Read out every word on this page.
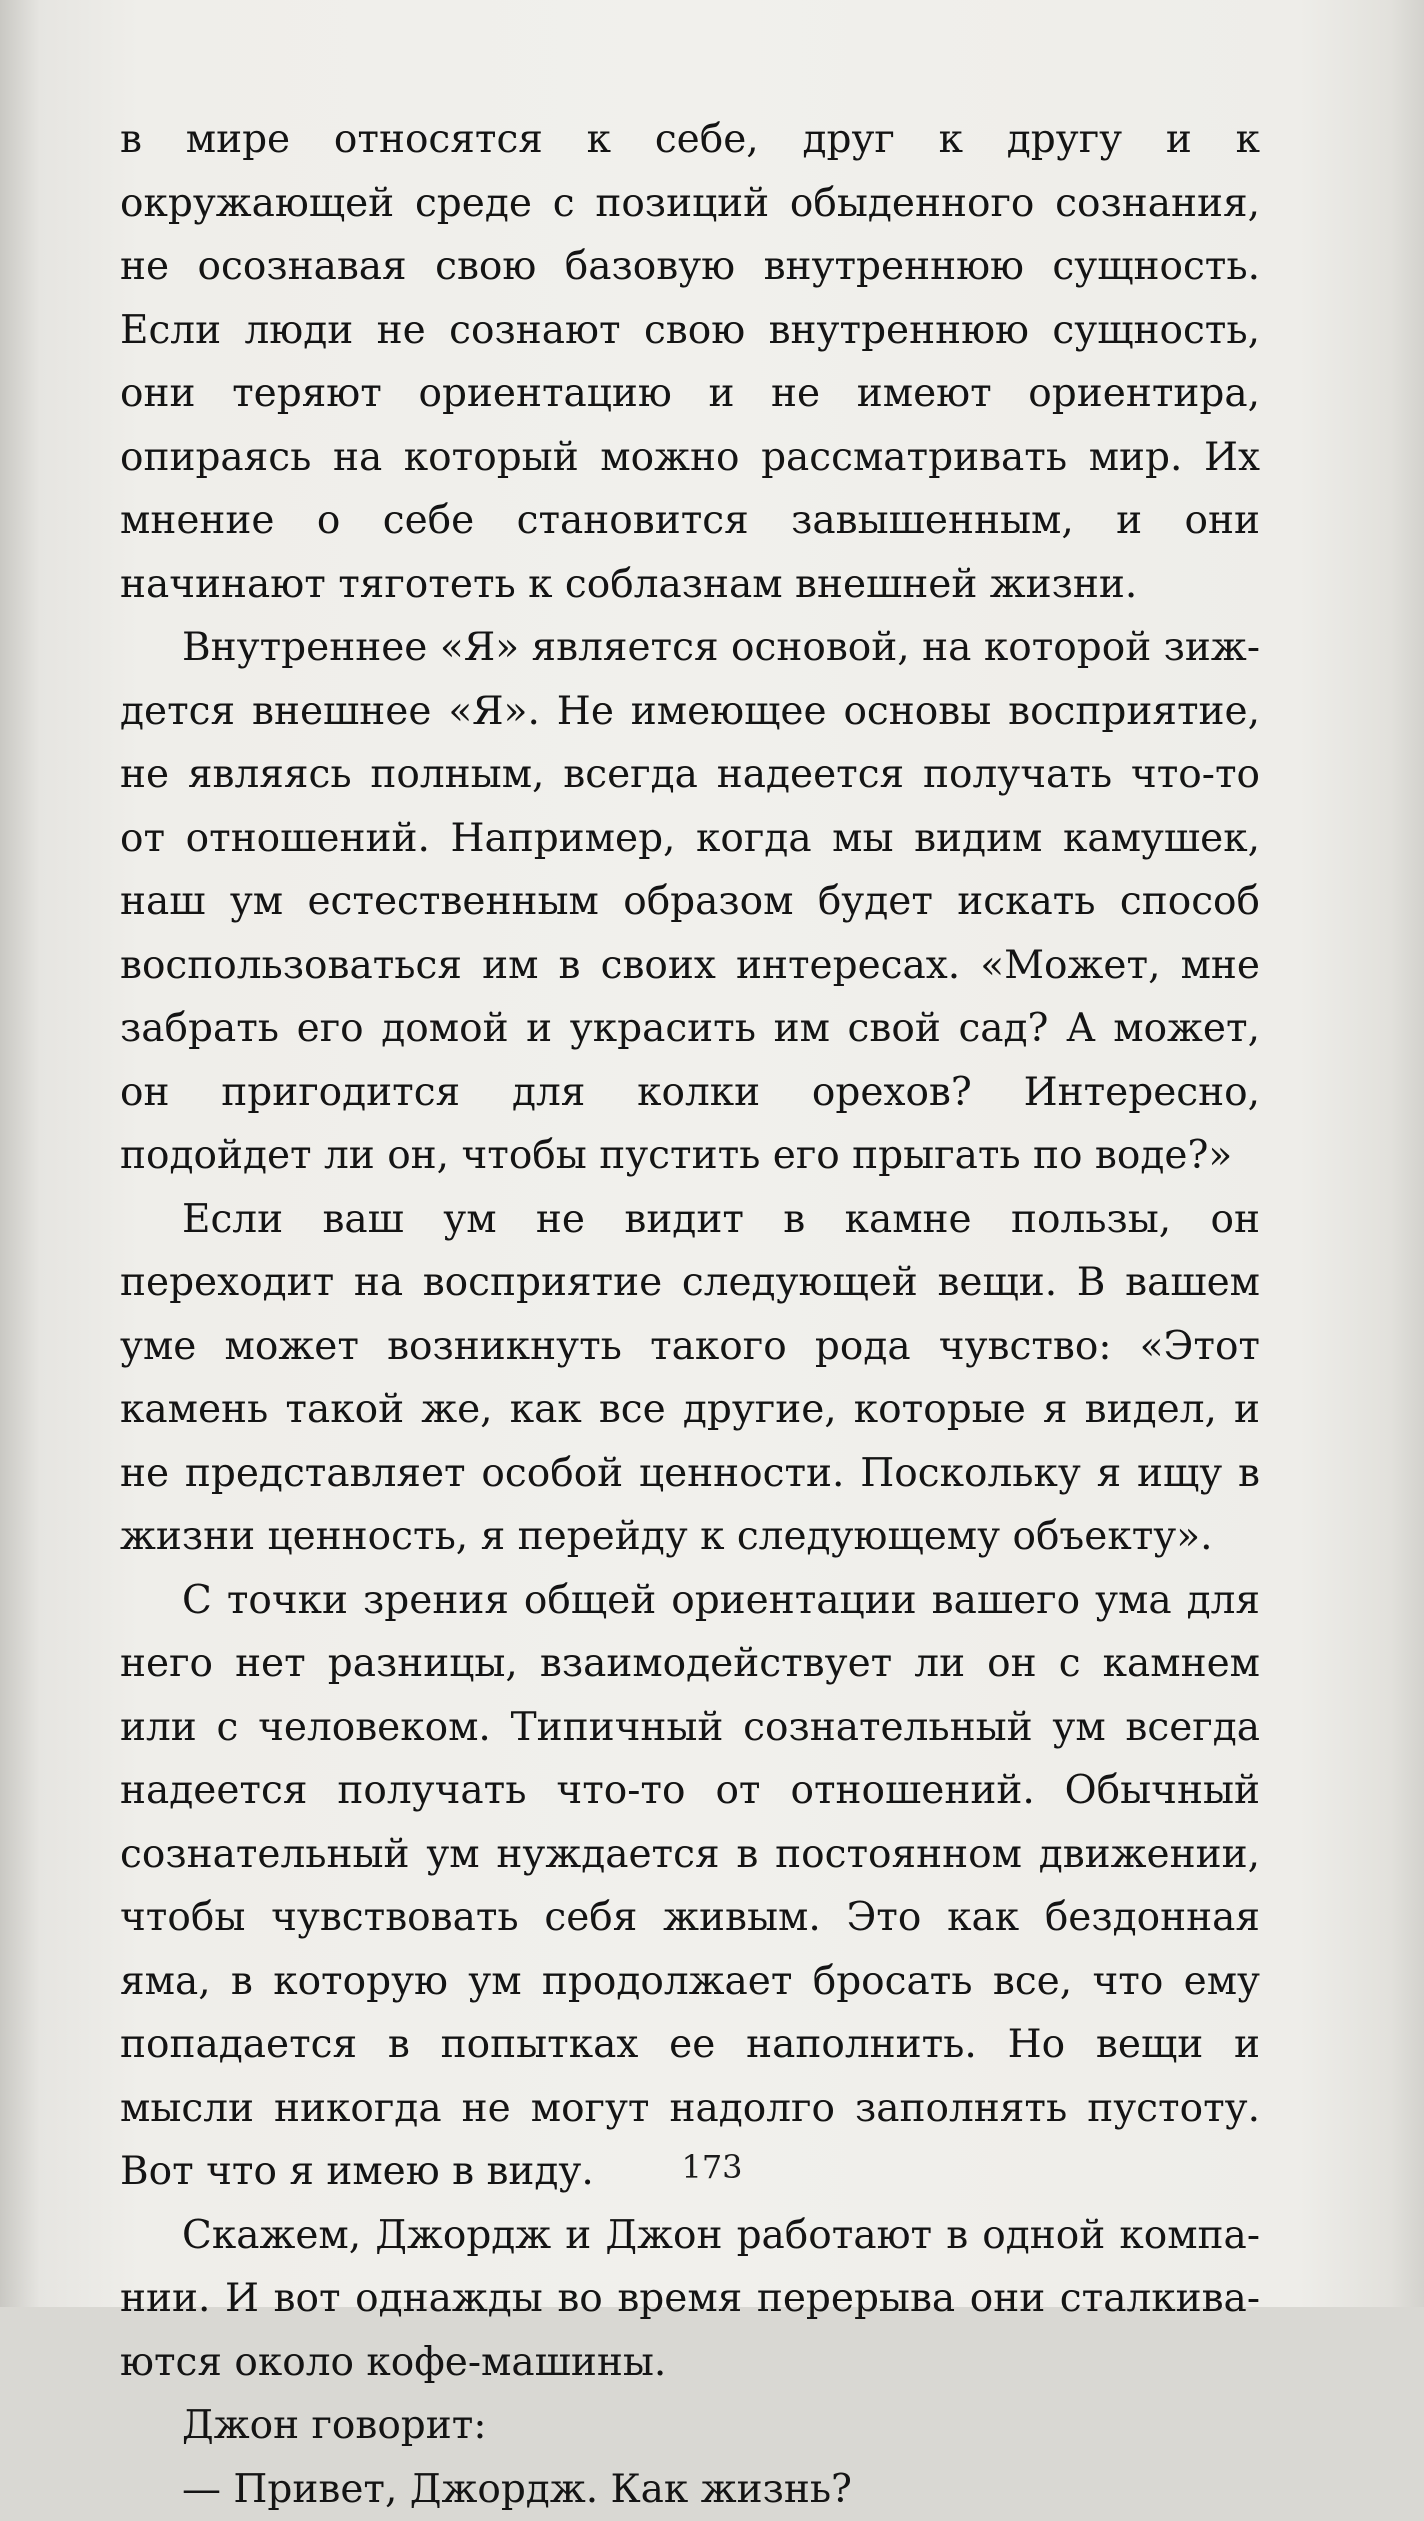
в мире относятся к себе, друг к другу и к окружающей среде с позиций обыденного сознания, не осознавая свою базовую внутреннюю сущность. Если люди не сознают свою внутреннюю сущность, они теряют ориентацию и не имеют ориентира, опираясь на который можно рассматривать мир. Их мнение о себе становится завышенным, и они начинают тяготеть к соблазнам внешней жизни.

Внутреннее «Я» является основой, на которой зиждется внешнее «Я». Не имеющее основы восприятие, не являясь полным, всегда надеется получать что-то от отношений. Например, когда мы видим камушек, наш ум естественным образом будет искать способ воспользоваться им в своих интересах. «Может, мне забрать его домой и украсить им свой сад? А может, он пригодится для колки орехов? Интересно, подойдет ли он, чтобы пустить его прыгать по воде?»

Если ваш ум не видит в камне пользы, он переходит на восприятие следующей вещи. В вашем уме может возникнуть такого рода чувство: «Этот камень такой же, как все другие, которые я видел, и не представляет особой ценности. Поскольку я ищу в жизни ценность, я перейду к следующему объекту».

С точки зрения общей ориентации вашего ума для него нет разницы, взаимодействует ли он с камнем или с человеком. Типичный сознательный ум всегда надеется получать что-то от отношений. Обычный сознательный ум нуждается в постоянном движении, чтобы чувствовать себя живым. Это как бездонная яма, в которую ум продолжает бросать все, что ему попадается в попытках ее наполнить. Но вещи и мысли никогда не могут надолго заполнять пустоту. Вот что я имею в виду.

Скажем, Джордж и Джон работают в одной компании. И вот однажды во время перерыва они сталкиваются около кофе-машины.

Джон говорит:

— Привет, Джордж. Как жизнь?

173
